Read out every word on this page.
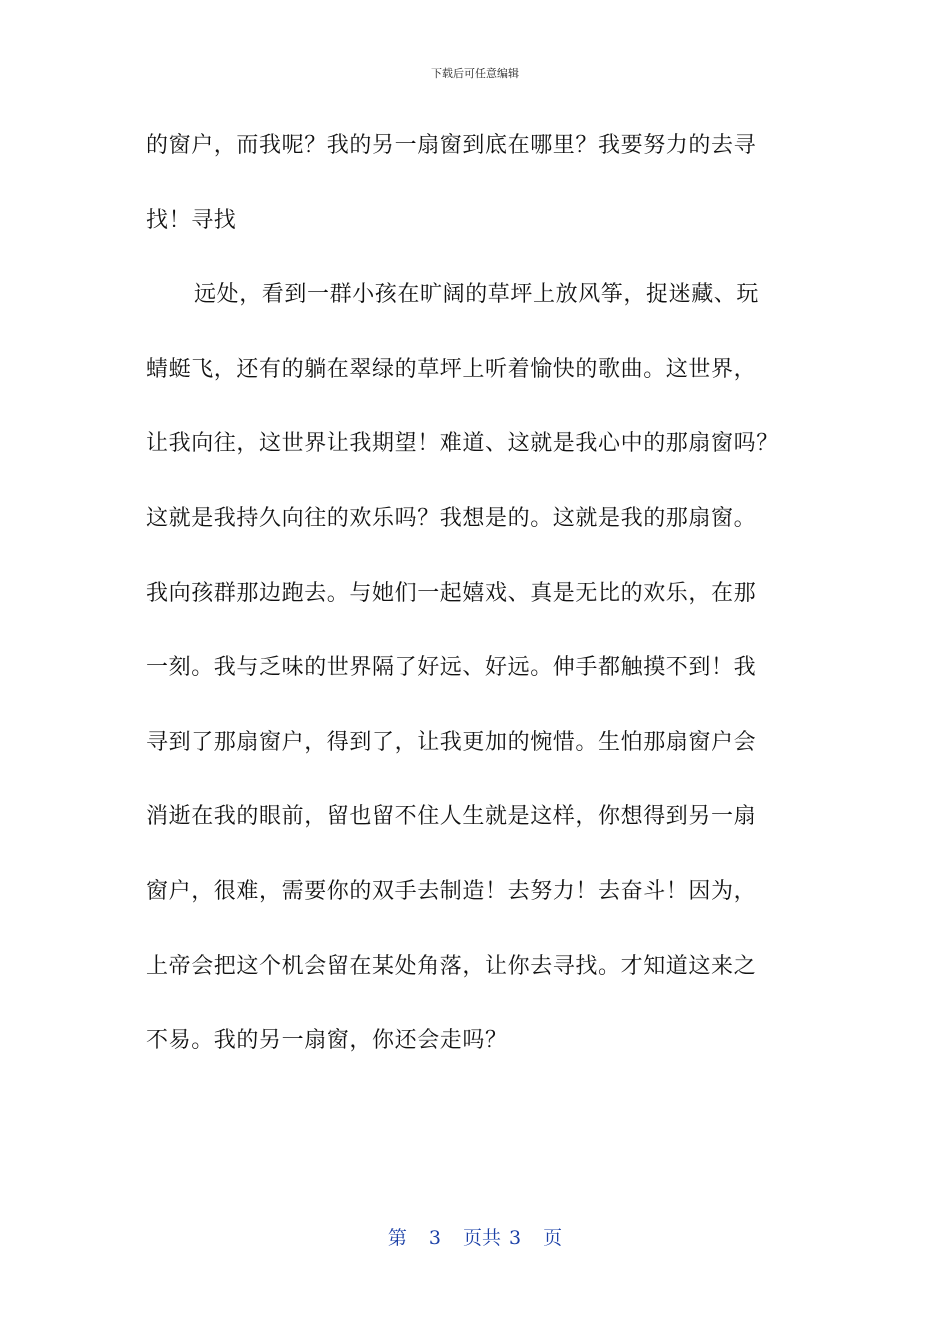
下载后可任意编辑
的窗户，而我呢？我的另一扇窗到底在哪里？我要努力的去寻
找！寻找
远处，看到一群小孩在旷阔的草坪上放风筝，捉迷藏、玩
蜻蜓飞，还有的躺在翠绿的草坪上听着愉快的歌曲。这世界，
让我向往，这世界让我期望！难道、这就是我心中的那扇窗吗？
这就是我持久向往的欢乐吗？我想是的。这就是我的那扇窗。
我向孩群那边跑去。与她们一起嬉戏、真是无比的欢乐，在那
一刻。我与乏味的世界隔了好远、好远。伸手都触摸不到！我
寻到了那扇窗户，得到了，让我更加的惋惜。生怕那扇窗户会
消逝在我的眼前，留也留不住人生就是这样，你想得到另一扇
窗户，很难，需要你的双手去制造！去努力！去奋斗！因为，
上帝会把这个机会留在某处角落，让你去寻找。才知道这来之
不易。我的另一扇窗，你还会走吗？
第 3 页共 3 页
